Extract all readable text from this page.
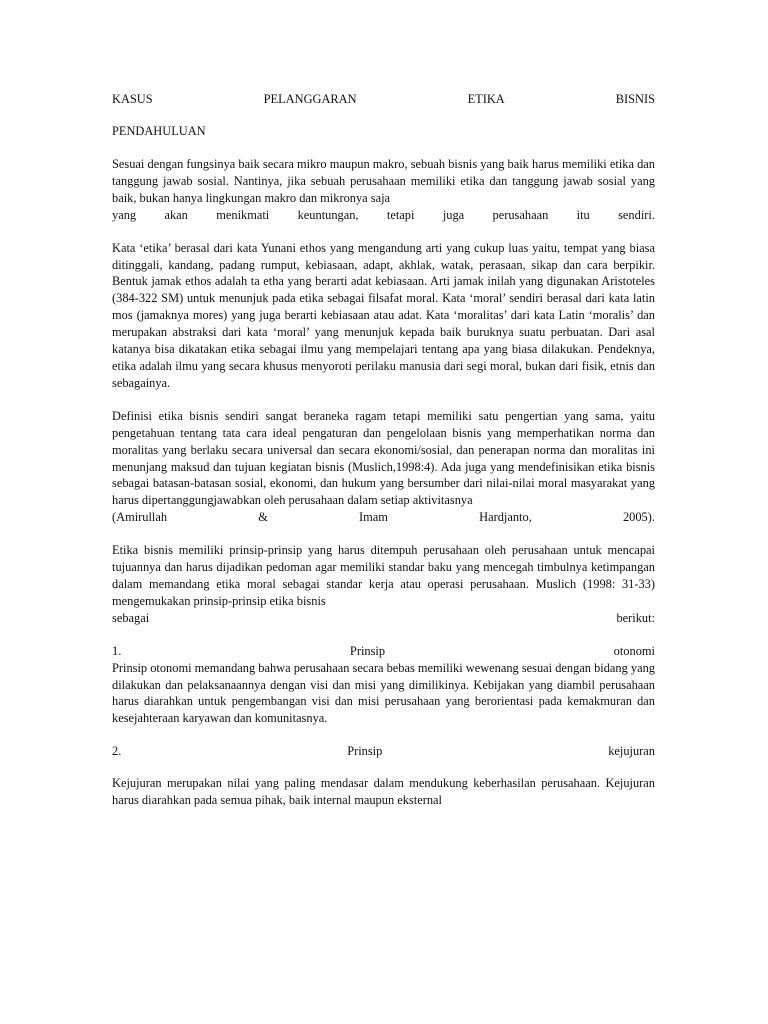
KASUS	PELANGGARAN	ETIKA	BISNIS
PENDAHULUAN
Sesuai dengan fungsinya baik secara mikro maupun makro, sebuah bisnis yang baik harus memiliki etika dan tanggung jawab sosial. Nantinya, jika sebuah perusahaan memiliki etika dan tanggung jawab sosial yang baik, bukan hanya lingkungan makro dan mikronya saja
yang akan menikmati keuntungan, tetapi juga perusahaan itu sendiri.
Kata ‘etika’ berasal dari kata Yunani ethos yang mengandung arti yang cukup luas yaitu, tempat yang biasa ditinggali, kandang, padang rumput, kebiasaan, adapt, akhlak, watak, perasaan, sikap dan cara berpikir. Bentuk jamak ethos adalah ta etha yang berarti adat kebiasaan. Arti jamak inilah yang digunakan Aristoteles (384-322 SM) untuk menunjuk pada etika sebagai filsafat moral. Kata ‘moral’ sendiri berasal dari kata latin mos (jamaknya mores) yang juga berarti kebiasaan atau adat. Kata ‘moralitas’ dari kata Latin ‘moralis’ dan merupakan abstraksi dari kata ‘moral’ yang menunjuk kepada baik buruknya suatu perbuatan. Dari asal katanya bisa dikatakan etika sebagai ilmu yang mempelajari tentang apa yang biasa dilakukan. Pendeknya, etika adalah ilmu yang secara khusus menyoroti perilaku manusia dari segi moral, bukan dari fisik, etnis dan sebagainya.
Definisi etika bisnis sendiri sangat beraneka ragam tetapi memiliki satu pengertian yang sama, yaitu pengetahuan tentang tata cara ideal pengaturan dan pengelolaan bisnis yang memperhatikan norma dan moralitas yang berlaku secara universal dan secara ekonomi/sosial, dan penerapan norma dan moralitas ini menunjang maksud dan tujuan kegiatan bisnis (Muslich,1998:4). Ada juga yang mendefinisikan etika bisnis sebagai batasan-batasan sosial, ekonomi, dan hukum yang bersumber dari nilai-nilai moral masyarakat yang harus dipertanggungjawabkan oleh perusahaan dalam setiap aktivitasnya
(Amirullah	&	Imam	Hardjanto,	2005).
Etika bisnis memiliki prinsip-prinsip yang harus ditempuh perusahaan oleh perusahaan untuk mencapai tujuannya dan harus dijadikan pedoman agar memiliki standar baku yang mencegah timbulnya ketimpangan dalam memandang etika moral sebagai standar kerja atau operasi perusahaan. Muslich (1998: 31-33) mengemukakan prinsip-prinsip etika bisnis
sebagai	berikut:
1.	Prinsip	otonomi
Prinsip otonomi memandang bahwa perusahaan secara bebas memiliki wewenang sesuai dengan bidang yang dilakukan dan pelaksanaannya dengan visi dan misi yang dimilikinya. Kebijakan yang diambil perusahaan harus diarahkan untuk pengembangan visi dan misi perusahaan yang berorientasi pada kemakmuran dan kesejahteraan karyawan dan komunitasnya.
2.	Prinsip	kejujuran
Kejujuran merupakan nilai yang paling mendasar dalam mendukung keberhasilan perusahaan. Kejujuran harus diarahkan pada semua pihak, baik internal maupun eksternal
